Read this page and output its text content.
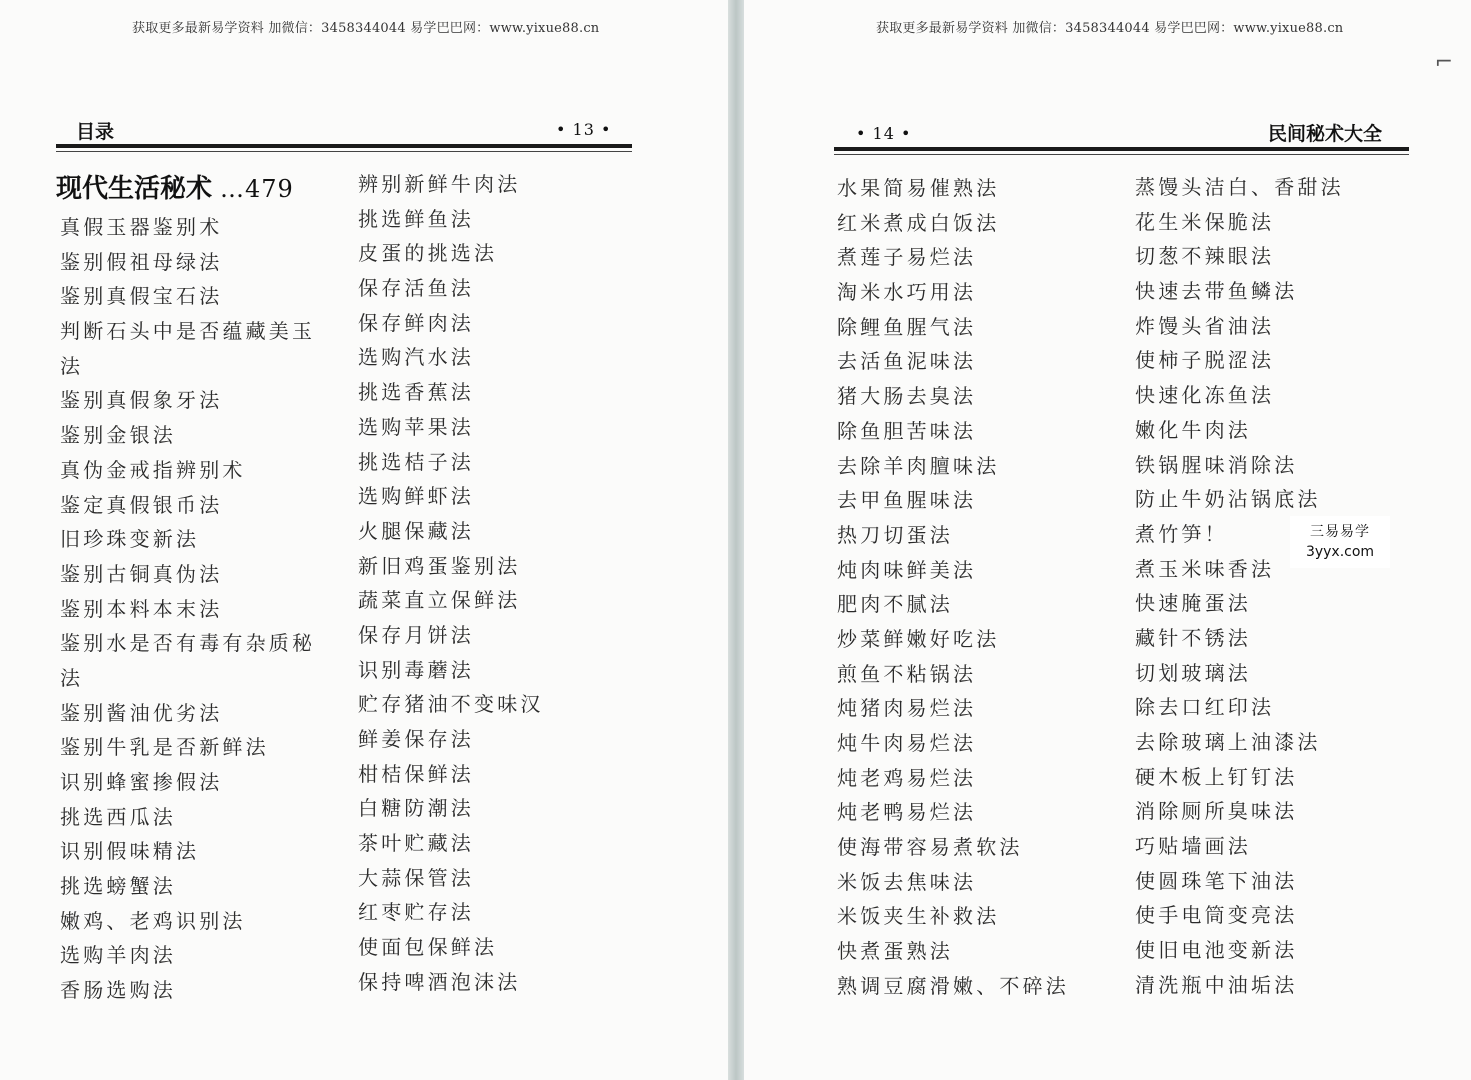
获取更多最新易学资料 加微信：3458344044 易学巴巴网：www.yixue88.cn
目录	• 13 •
现代生活秘术 …479
真假玉器鉴别术
鉴别假祖母绿法
鉴别真假宝石法
判断石头中是否蕴藏美玉
法
鉴别真假象牙法
鉴别金银法
真伪金戒指辨别术
鉴定真假银币法
旧珍珠变新法
鉴别古铜真伪法
鉴别本料本末法
鉴别水是否有毒有杂质秘
法
鉴别酱油优劣法
鉴别牛乳是否新鲜法
识别蜂蜜掺假法
挑选西瓜法
识别假味精法
挑选螃蟹法
嫩鸡、老鸡识别法
选购羊肉法
香肠选购法
辨别新鲜牛肉法
挑选鲜鱼法
皮蛋的挑选法
保存活鱼法
保存鲜肉法
选购汽水法
挑选香蕉法
选购苹果法
挑选桔子法
选购鲜虾法
火腿保藏法
新旧鸡蛋鉴别法
蔬菜直立保鲜法
保存月饼法
识别毒蘑法
贮存猪油不变味汉
鲜姜保存法
柑桔保鲜法
白糖防潮法
茶叶贮藏法
大蒜保管法
红枣贮存法
使面包保鲜法
保持啤酒泡沫法
获取更多最新易学资料 加微信：3458344044 易学巴巴网：www.yixue88.cn
• 14 •	民间秘术大全
水果简易催熟法
红米煮成白饭法
煮莲子易烂法
淘米水巧用法
除鲤鱼腥气法
去活鱼泥味法
猪大肠去臭法
除鱼胆苦味法
去除羊肉膻味法
去甲鱼腥味法
热刀切蛋法
炖肉味鲜美法
肥肉不腻法
炒菜鲜嫩好吃法
煎鱼不粘锅法
炖猪肉易烂法
炖牛肉易烂法
炖老鸡易烂法
炖老鸭易烂法
使海带容易煮软法
米饭去焦味法
米饭夹生补救法
快煮蛋熟法
熟调豆腐滑嫩、不碎法
蒸馒头洁白、香甜法
花生米保脆法
切葱不辣眼法
快速去带鱼鳞法
炸馒头省油法
使柿子脱涩法
快速化冻鱼法
嫩化牛肉法
铁锅腥味消除法
防止牛奶沾锅底法
煮竹笋！
煮玉米味香法
快速腌蛋法
藏针不锈法
切划玻璃法
除去口红印法
去除玻璃上油漆法
硬木板上钉钉法
消除厕所臭味法
巧贴墙画法
使圆珠笔下油法
使手电筒变亮法
使旧电池变新法
清洗瓶中油垢法
⌐
三易易学
3yyx.com
